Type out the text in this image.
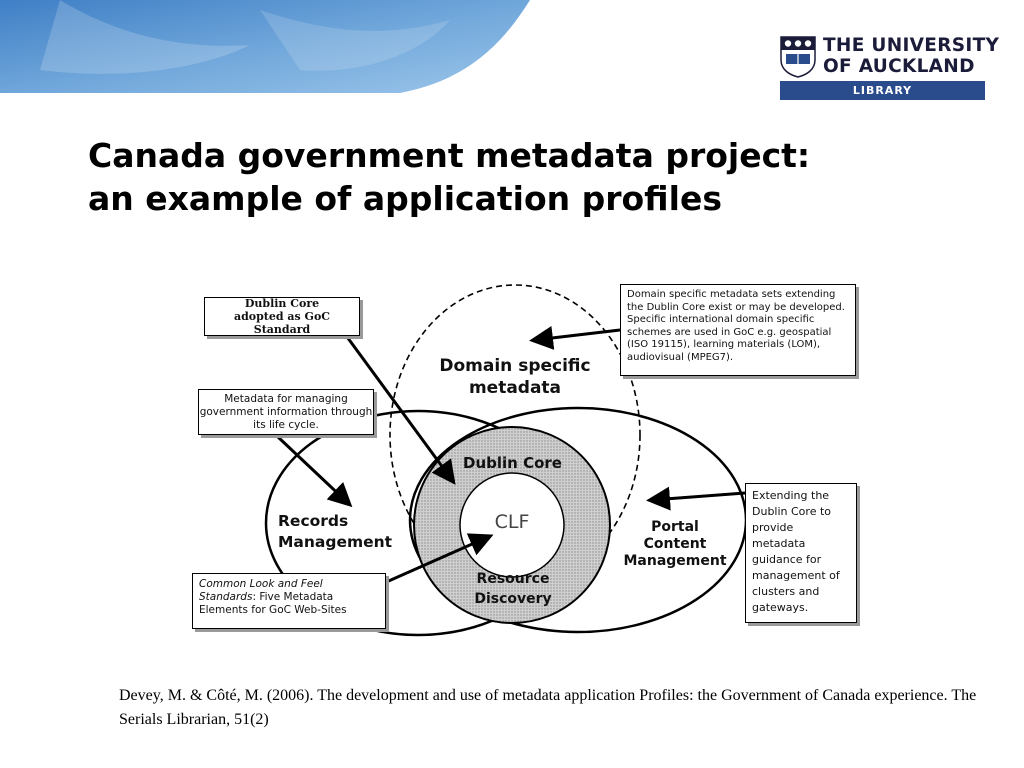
THE UNIVERSITY
OF AUCKLAND
LIBRARY
Canada government metadata project:
an example of application profiles
Domain specific
metadata
Records
Management
Portal
Content
Management
Dublin Core
CLF
Resource
Discovery
Dublin Core adopted as GoC Standard
Metadata for managing government information through its life cycle.
Common Look and Feel Standards: Five Metadata Elements for GoC Web-Sites
Domain specific metadata sets extending the Dublin Core exist or may be developed. Specific international domain specific schemes are used in GoC e.g. geospatial (ISO 19115), learning materials (LOM), audiovisual (MPEG7).
Extending the Dublin Core to provide metadata guidance for management of clusters and gateways.
Devey, M. & Côté, M. (2006). The development and use of metadata application Profiles: the Government of Canada experience. The Serials Librarian, 51(2)
